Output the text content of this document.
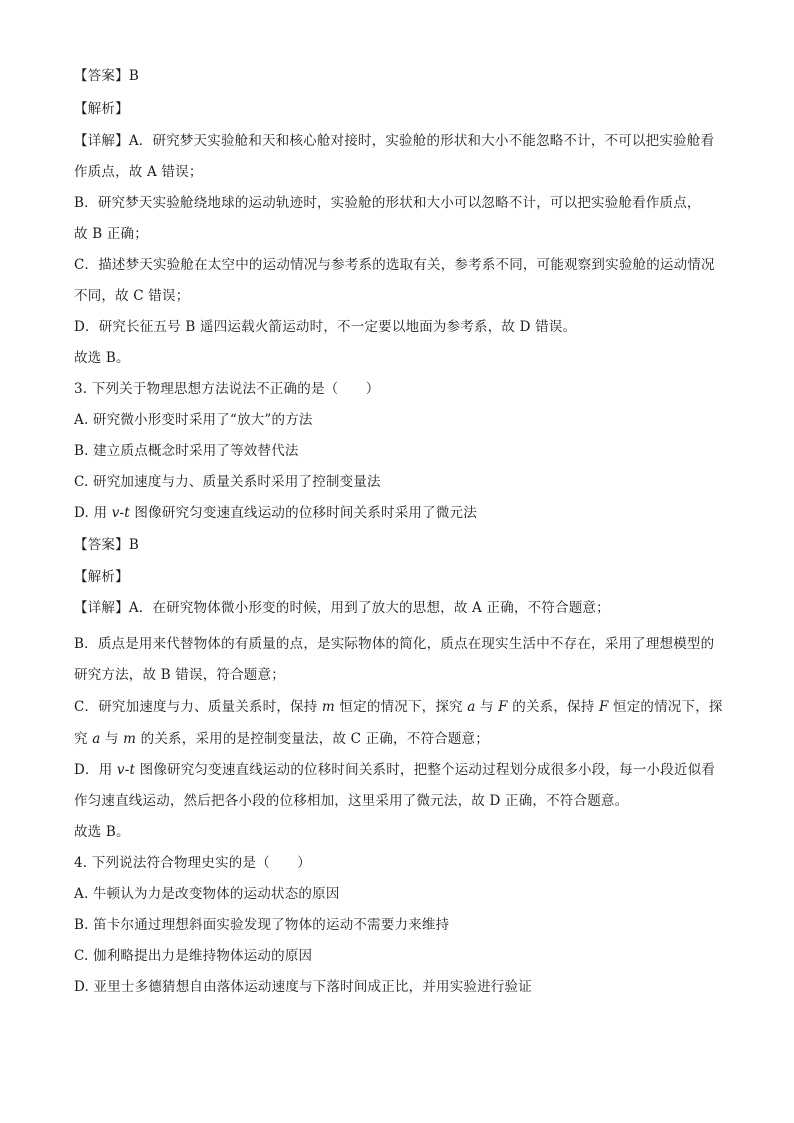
【答案】B
【解析】
【详解】A．研究梦天实验舱和天和核心舱对接时，实验舱的形状和大小不能忽略不计，不可以把实验舱看
作质点，故 A 错误；
B．研究梦天实验舱绕地球的运动轨迹时，实验舱的形状和大小可以忽略不计，可以把实验舱看作质点，
故 B 正确；
C．描述梦天实验舱在太空中的运动情况与参考系的选取有关，参考系不同，可能观察到实验舱的运动情况
不同，故 C 错误；
D．研究长征五号 B 遥四运载火箭运动时，不一定要以地面为参考系，故 D 错误。
故选 B。
3. 下列关于物理思想方法说法不正确的是（　　）
A. 研究微小形变时采用了“放大”的方法
B. 建立质点概念时采用了等效替代法
C. 研究加速度与力、质量关系时采用了控制变量法
D. 用 v-t 图像研究匀变速直线运动的位移时间关系时采用了微元法
【答案】B
【解析】
【详解】A．在研究物体微小形变的时候，用到了放大的思想，故 A 正确，不符合题意；
B．质点是用来代替物体的有质量的点，是实际物体的简化，质点在现实生活中不存在，采用了理想模型的
研究方法，故 B 错误，符合题意；
C．研究加速度与力、质量关系时，保持 m 恒定的情况下，探究 a 与 F 的关系，保持 F 恒定的情况下，探
究 a 与 m 的关系，采用的是控制变量法，故 C 正确，不符合题意；
D．用 v-t 图像研究匀变速直线运动的位移时间关系时，把整个运动过程划分成很多小段，每一小段近似看
作匀速直线运动，然后把各小段的位移相加，这里采用了微元法，故 D 正确，不符合题意。
故选 B。
4. 下列说法符合物理史实的是（　　）
A. 牛顿认为力是改变物体的运动状态的原因
B. 笛卡尔通过理想斜面实验发现了物体的运动不需要力来维持
C. 伽利略提出力是维持物体运动的原因
D. 亚里士多德猜想自由落体运动速度与下落时间成正比，并用实验进行验证
